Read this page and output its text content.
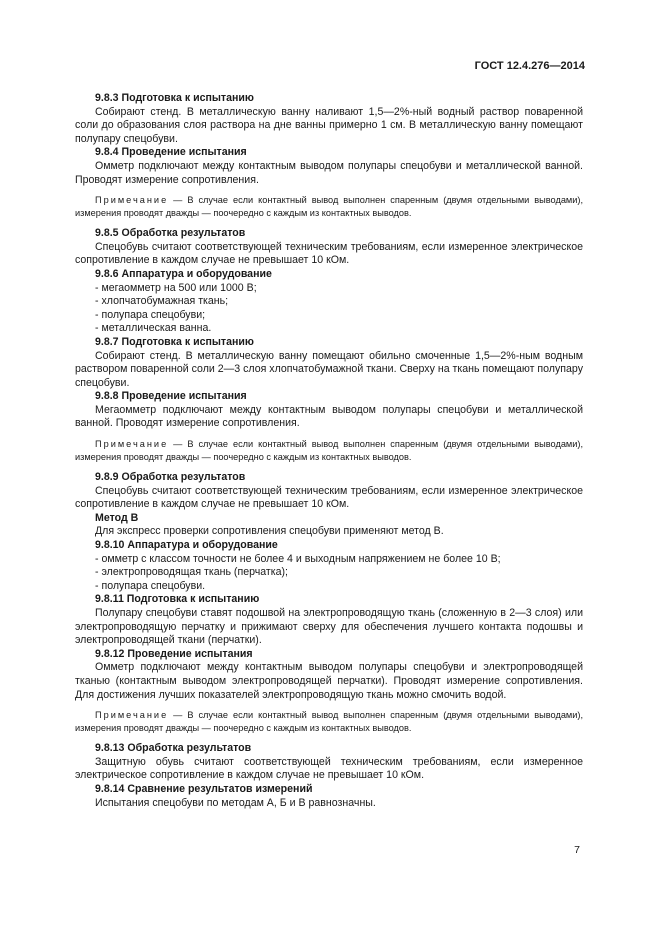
ГОСТ 12.4.276—2014
9.8.3 Подготовка к испытанию
Собирают стенд. В металлическую ванну наливают 1,5—2%-ный водный раствор поваренной соли до образования слоя раствора на дне ванны примерно 1 см. В металлическую ванну помещают полупару спецобуви.
9.8.4 Проведение испытания
Омметр подключают между контактным выводом полупары спецобуви и металлической ванной. Проводят измерение сопротивления.
Примечание — В случае если контактный вывод выполнен спаренным (двумя отдельными выводами), измерения проводят дважды — поочередно с каждым из контактных выводов.
9.8.5 Обработка результатов
Спецобувь считают соответствующей техническим требованиям, если измеренное электрическое сопротивление в каждом случае не превышает 10 кОм.
9.8.6 Аппаратура и оборудование
- мегаомметр на 500 или 1000 В;
- хлопчатобумажная ткань;
- полупара спецобуви;
- металлическая ванна.
9.8.7 Подготовка к испытанию
Собирают стенд. В металлическую ванну помещают обильно смоченные 1,5—2%-ным водным раствором поваренной соли 2—3 слоя хлопчатобумажной ткани. Сверху на ткань помещают полупару спецобуви.
9.8.8 Проведение испытания
Мегаомметр подключают между контактным выводом полупары спецобуви и металлической ванной. Проводят измерение сопротивления.
Примечание — В случае если контактный вывод выполнен спаренным (двумя отдельными выводами), измерения проводят дважды — поочередно с каждым из контактных выводов.
9.8.9 Обработка результатов
Спецобувь считают соответствующей техническим требованиям, если измеренное электрическое сопротивление в каждом случае не превышает 10 кОм.
Метод В
Для экспресс проверки сопротивления спецобуви применяют метод В.
9.8.10 Аппаратура и оборудование
- омметр с классом точности не более 4 и выходным напряжением не более 10 В;
- электропроводящая ткань (перчатка);
- полупара спецобуви.
9.8.11 Подготовка к испытанию
Полупару спецобуви ставят подошвой на электропроводящую ткань (сложенную в 2—3 слоя) или электропроводящую перчатку и прижимают сверху для обеспечения лучшего контакта подошвы и электропроводящей ткани (перчатки).
9.8.12 Проведение испытания
Омметр подключают между контактным выводом полупары спецобуви и электропроводящей тканью (контактным выводом электропроводящей перчатки). Проводят измерение сопротивления. Для достижения лучших показателей электропроводящую ткань можно смочить водой.
Примечание — В случае если контактный вывод выполнен спаренным (двумя отдельными выводами), измерения проводят дважды — поочередно с каждым из контактных выводов.
9.8.13 Обработка результатов
Защитную обувь считают соответствующей техническим требованиям, если измеренное электрическое сопротивление в каждом случае не превышает 10 кОм.
9.8.14 Сравнение результатов измерений
Испытания спецобуви по методам А, Б и В равнозначны.
7
